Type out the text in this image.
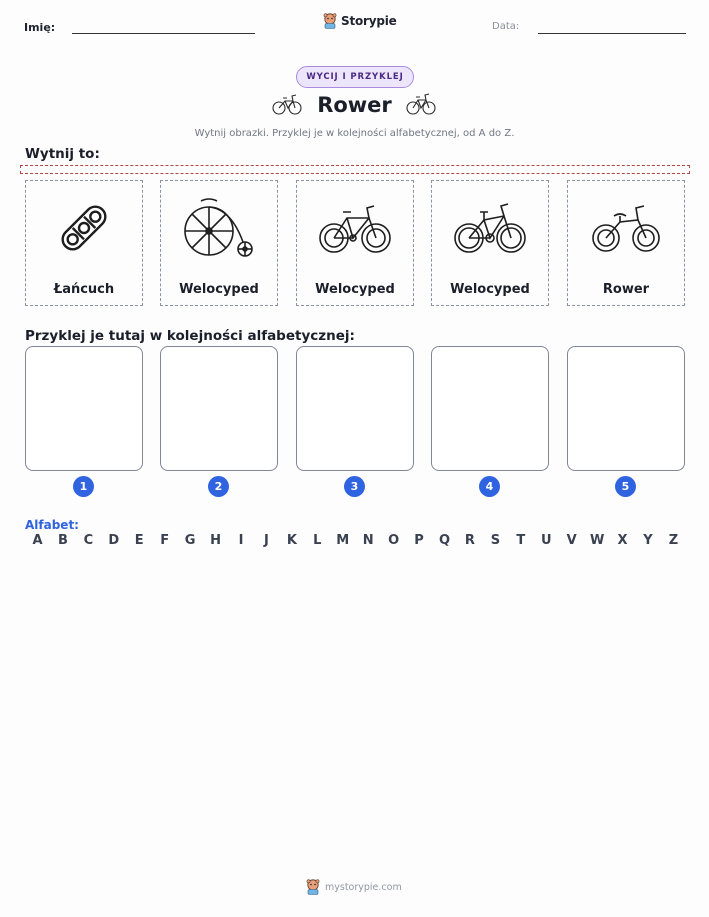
Imię:	Storypie	Data:
WYCIJ I PRZYKLEJ
Rower
Wytnij obrazki. Przyklej je w kolejności alfabetycznej, od A do Z.
Wytnij to:
Łańcuch	Welocyped	Welocyped	Welocyped	Rower
Przyklej je tutaj w kolejności alfabetycznej:
1	2	3	4	5
Alfabet:
A	B	C	D	E	F	G	H	I	J	K	L	M	N	O	P	Q	R	S	T	U	V	W	X	Y	Z
mystorypie.com
